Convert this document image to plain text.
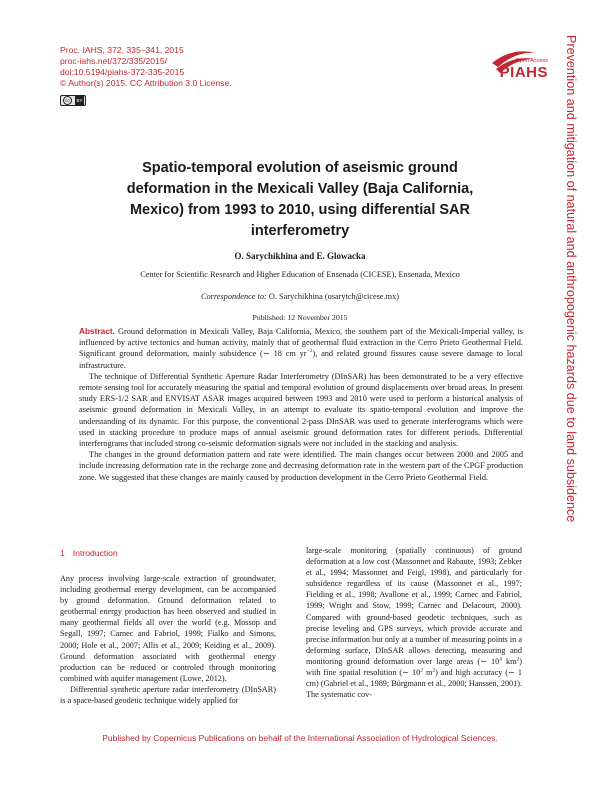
Proc. IAHS, 372, 335–341, 2015
proc-iahs.net/372/335/2015/
doi:10.5194/piahs-372-335-2015
© Author(s) 2015. CC Attribution 3.0 License.
cc	BY
Open Access
PIAHS Prevention and mitigation of natural and anthropogenic hazards due to land subsidence
Spatio-temporal evolution of aseismic ground deformation in the Mexicali Valley (Baja California, Mexico) from 1993 to 2010, using differential SAR interferometry
O. Sarychikhina and E. Glowacka
Center for Scientific Research and Higher Education of Ensenada (CICESE), Ensenada, Mexico
Correspondence to: O. Sarychikhina (osarytch@cicese.mx)
Published: 12 November 2015

Abstract. Ground deformation in Mexicali Valley, Baja California, Mexico, the southern part of the Mexicali-Imperial valley, is influenced by active tectonics and human activity, mainly that of geothermal fluid extraction in the Cerro Prieto Geothermal Field. Significant ground deformation, mainly subsidence (∼ 18 cm $yr^{-1}$), and related ground fissures cause severe damage to local infrastructure.

The technique of Differential Synthetic Aperture Radar Interferometry (DInSAR) has been demonstrated to be a very effective remote sensing tool for accurately measuring the spatial and temporal evolution of ground displacements over broad areas. In present study ERS-1/2 SAR and ENVISAT ASAR images acquired between 1993 and 2010 were used to perform a historical analysis of aseismic ground deformation in Mexicali Valley, in an attempt to evaluate its spatio-temporal evolution and improve the understanding of its dynamic. For this purpose, the conventional 2-pass DInSAR was used to generate interferograms which were used in stacking procedure to produce maps of annual aseismic ground deformation rates for different periods. Differential interferograms that included strong co-seismic deformation signals were not included in the stacking and analysis.

The changes in the ground deformation pattern and rate were identified. The main changes occur between 2000 and 2005 and include increasing deformation rate in the recharge zone and decreasing deformation rate in the western part of the CPGF production zone. We suggested that these changes are mainly caused by production development in the Cerro Prieto Geothermal Field.

1 Introduction

Any process involving large-scale extraction of groundwater, including geothermal energy development, can be accompanied by ground deformation. Ground deformation related to geothermal energy production has been observed and studied in many geothermal fields all over the world (e.g. Mossop and Segall, 1997; Carnec and Fabriol, 1999; Fialko and Simons, 2000; Hole et al., 2007; Allis et al., 2009; Keiding et al., 2009). Ground deformation associated with geothermal energy production can be reduced or controled through monitoring combined with aquifer management (Lowe, 2012).

Differential synthetic aperture radar interferometry (DInSAR) is a space-based geodetic technique widely applied for

large-scale monitoring (spatially continuous) of ground deformation at a low cost (Massonnet and Rabaute, 1993; Zebker et al., 1994; Massonnet and Feigl, 1998), and particularly for subsidence regardless of its cause (Massonnet et al., 1997; Fielding et al., 1998; Avallone et al., 1999; Carnec and Fabriol, 1999; Wright and Stow, 1999; Carnec and Delacourt, 2000). Compared with ground-based geodetic techniques, such as precise leveling and GPS surveys, which provide accurate and precise information but only at a number of measuring points in a deforming surface, DInSAR allows detecting, measuring and monitoring ground deformation over large areas (∼ $10^4$ $km^2$) with fine spatial resolution (∼ $10^2$ $m^2$) and high accuracy (∼ 1 cm) (Gabriel et al., 1989; Bürgmann et al., 2000; Hanssen, 2001). The systematic cov-

Published by Copernicus Publications on behalf of the International Association of Hydrological Sciences.
